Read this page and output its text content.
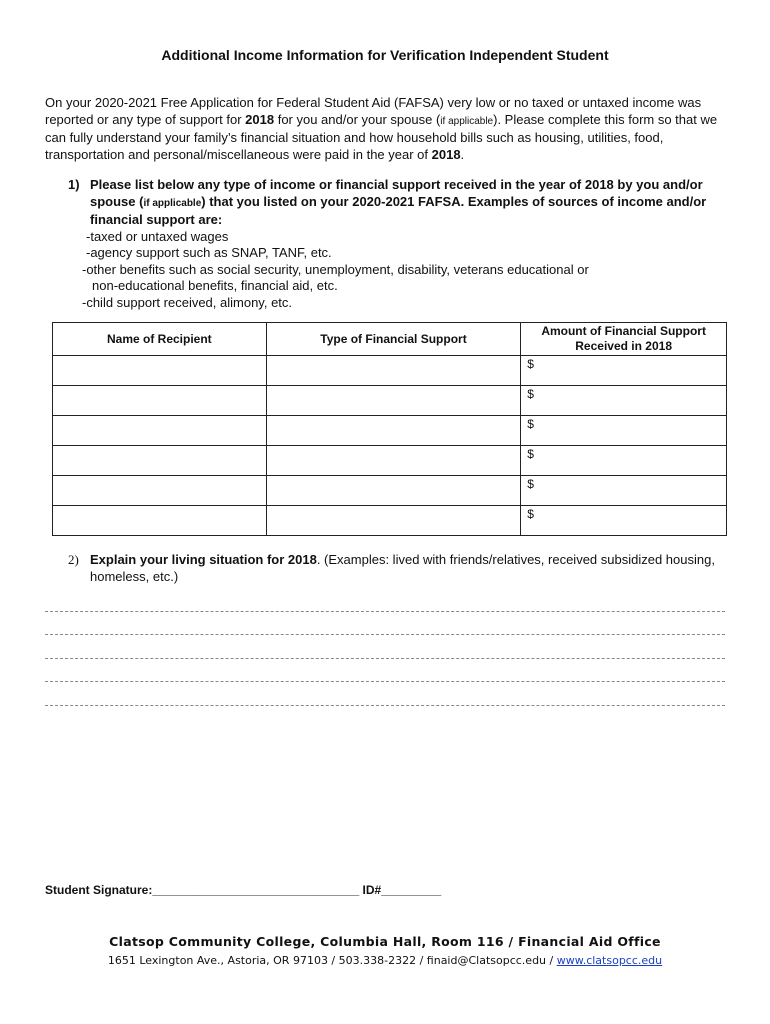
Additional Income Information for Verification Independent Student
On your 2020-2021 Free Application for Federal Student Aid (FAFSA) very low or no taxed or untaxed income was reported or any type of support for 2018 for you and/or your spouse (if applicable). Please complete this form so that we can fully understand your family’s financial situation and how household bills such as housing, utilities, food, transportation and personal/miscellaneous were paid in the year of 2018.
1) Please list below any type of income or financial support received in the year of 2018 by you and/or spouse (if applicable) that you listed on your 2020-2021 FAFSA. Examples of sources of income and/or financial support are:
-taxed or untaxed wages
-agency support such as SNAP, TANF, etc.
-other benefits such as social security, unemployment, disability, veterans educational or
non-educational benefits, financial aid, etc.
-child support received, alimony, etc.
Name of Recipient	Type of Financial Support	Amount of Financial Support Received in 2018

		$

		$

		$

		$

		$

		$
2) Explain your living situation for 2018. (Examples: lived with friends/relatives, received subsidized housing, homeless, etc.)
Student Signature:_______________________________ ID#_________
Clatsop Community College, Columbia Hall, Room 116 / Financial Aid Office
1651 Lexington Ave., Astoria, OR 97103 / 503.338-2322 / finaid@Clatsopcc.edu / www.clatsopcc.edu
